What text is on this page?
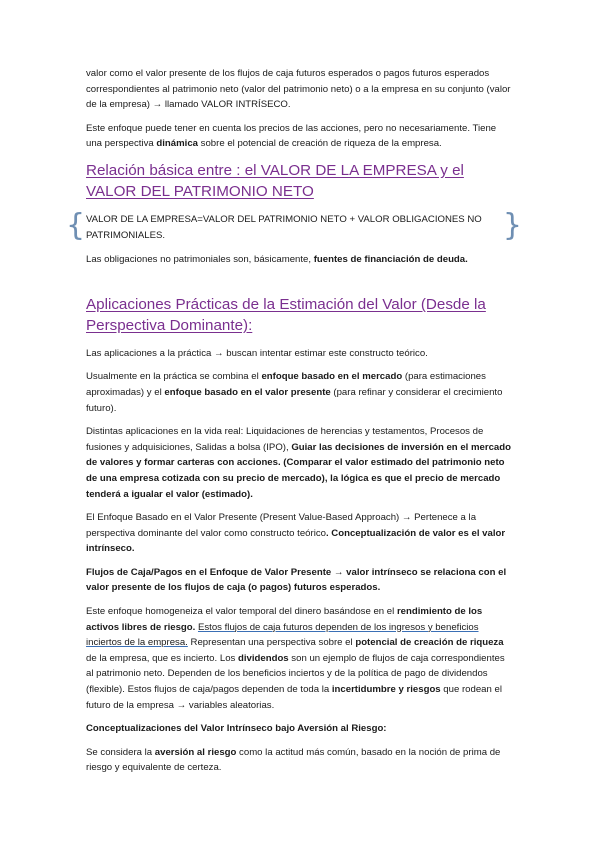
valor como el valor presente de los flujos de caja futuros esperados o pagos futuros esperados correspondientes al patrimonio neto (valor del patrimonio neto) o a la empresa en su conjunto (valor de la empresa) → llamado VALOR INTRÍSECO.

Este enfoque puede tener en cuenta los precios de las acciones, pero no necesariamente. Tiene una perspectiva dinámica sobre el potencial de creación de riqueza de la empresa.

Relación básica entre : el VALOR DE LA EMPRESA y el VALOR DEL PATRIMONIO NETO
{ VALOR DE LA EMPRESA=VALOR DEL PATRIMONIO NETO + VALOR OBLIGACIONES NO PATRIMONIALES.	}

Las obligaciones no patrimoniales son, básicamente, fuentes de financiación de deuda.

Aplicaciones Prácticas de la Estimación del Valor (Desde la Perspectiva Dominante):

Las aplicaciones a la práctica → buscan intentar estimar este constructo teórico.

Usualmente en la práctica se combina el enfoque basado en el mercado (para estimaciones aproximadas) y el enfoque basado en el valor presente (para refinar y considerar el crecimiento futuro).

Distintas aplicaciones en la vida real: Liquidaciones de herencias y testamentos, Procesos de fusiones y adquisiciones, Salidas a bolsa (IPO), Guiar las decisiones de inversión en el mercado de valores y formar carteras con acciones. (Comparar el valor estimado del patrimonio neto de una empresa cotizada con su precio de mercado), la lógica es que el precio de mercado tenderá a igualar el valor (estimado).

El Enfoque Basado en el Valor Presente (Present Value-Based Approach) → Pertenece a la perspectiva dominante del valor como constructo teórico. Conceptualización de valor es el valor intrínseco.

Flujos de Caja/Pagos en el Enfoque de Valor Presente → valor intrínseco se relaciona con el valor presente de los flujos de caja (o pagos) futuros esperados.

Este enfoque homogeneiza el valor temporal del dinero basándose en el rendimiento de los activos libres de riesgo. Estos flujos de caja futuros dependen de los ingresos y beneficios inciertos de la empresa. Representan una perspectiva sobre el potencial de creación de riqueza de la empresa, que es incierto. Los dividendos son un ejemplo de flujos de caja correspondientes al patrimonio neto. Dependen de los beneficios inciertos y de la política de pago de dividendos (flexible). Estos flujos de caja/pagos dependen de toda la incertidumbre y riesgos que rodean el futuro de la empresa → variables aleatorias.

Conceptualizaciones del Valor Intrínseco bajo Aversión al Riesgo:

Se considera la aversión al riesgo como la actitud más común, basado en la noción de prima de riesgo y equivalente de certeza.
